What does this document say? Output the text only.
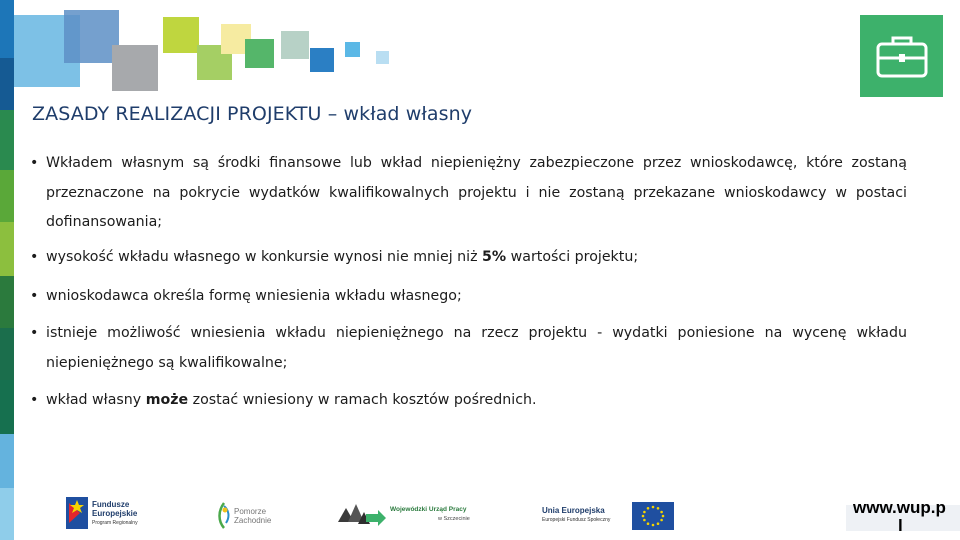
ZASADY REALIZACJI PROJEKTU – wkład własny
• Wkładem własnym są środki finansowe lub wkład niepieniężny zabezpieczone przez wnioskodawcę, które zostaną przeznaczone na pokrycie wydatków kwalifikowalnych projektu i nie zostaną przekazane wnioskodawcy w postaci dofinansowania;
• wysokość wkładu własnego w konkursie wynosi nie mniej niż 5% wartości projektu;
• wnioskodawca określa formę wniesienia wkładu własnego;
• istnieje możliwość wniesienia wkładu niepieniężnego na rzecz projektu - wydatki poniesione na wycenę wkładu niepieniężnego są kwalifikowalne;
• wkład własny może zostać wniesiony w ramach kosztów pośrednich.
Fundusze
Europejskie
Program Regionalny
Pomorze
Zachodnie
Wojewódzki Urząd Pracy
w Szczecinie
Unia Europejska
Europejski Fundusz Społeczny
www.wup.p
l
